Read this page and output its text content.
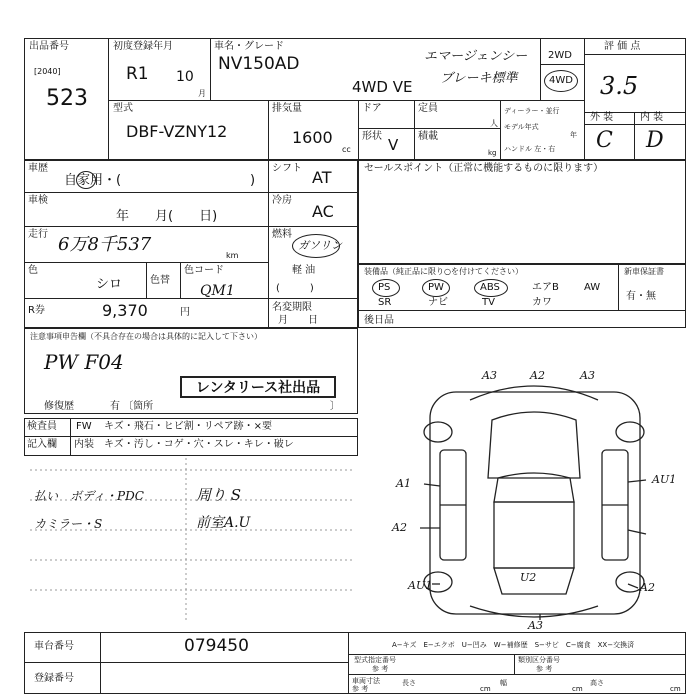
出品番号
[2040]
523
初度登録年月
R1 10
月
車名・グレード
NV150AD
4WD VE
エマージェンシー
ブレーキ標準
2WD
4WD
評 価 点
3.5
型式
DBF-VZNY12
排気量
1600
cc
ドア
形状 V
定員
人
積載
kg
ディーラー・並行
モデル年式
年
ハンドル 左・右
外 装	内 装
C D
車歴
自家用・(	)
車検
年　　月(　　日)
走行 6万8千537
km
色
シロ	色替
色コード
QM1
R券	9,370	円
シフト AT
冷房
AC
燃料
ガソリン
軽 油
(　　　)
名変期限
月　　日
セールスポイント（正常に機能するものに限ります）
装備品（純正品に限り○を付けてください）
PS	PW	ABS	エアB	AW
SR	ナビ	TV	カワ
新車保証書
有・無
後日品
注意事項申告欄（不具合存在の場合は具体的に記入して下さい）
PW F04
レンタリース社出品
修復歴	有 〔箇所	〕
検査員
記入欄
FW キズ・飛石・ヒビ割・リペア跡・×要
内装 キズ・汚し・コゲ・穴・スレ・キレ・破レ
払い　ボディ・PDC	周り S
カミラー・S	前室A.U
A3	A2	A3
A1	AU1
A2
AU1
U2
A2
A3
A−キズ　E−エクボ　U−凹み　W−補修歴　S−サビ　C−腐食　XX−交換済
車台番号	079450
登録番号
型式指定番号
参 考
類別区分番号
参 考
車両寸法
参 考
長さ
cm
幅
cm
高さ
cm
